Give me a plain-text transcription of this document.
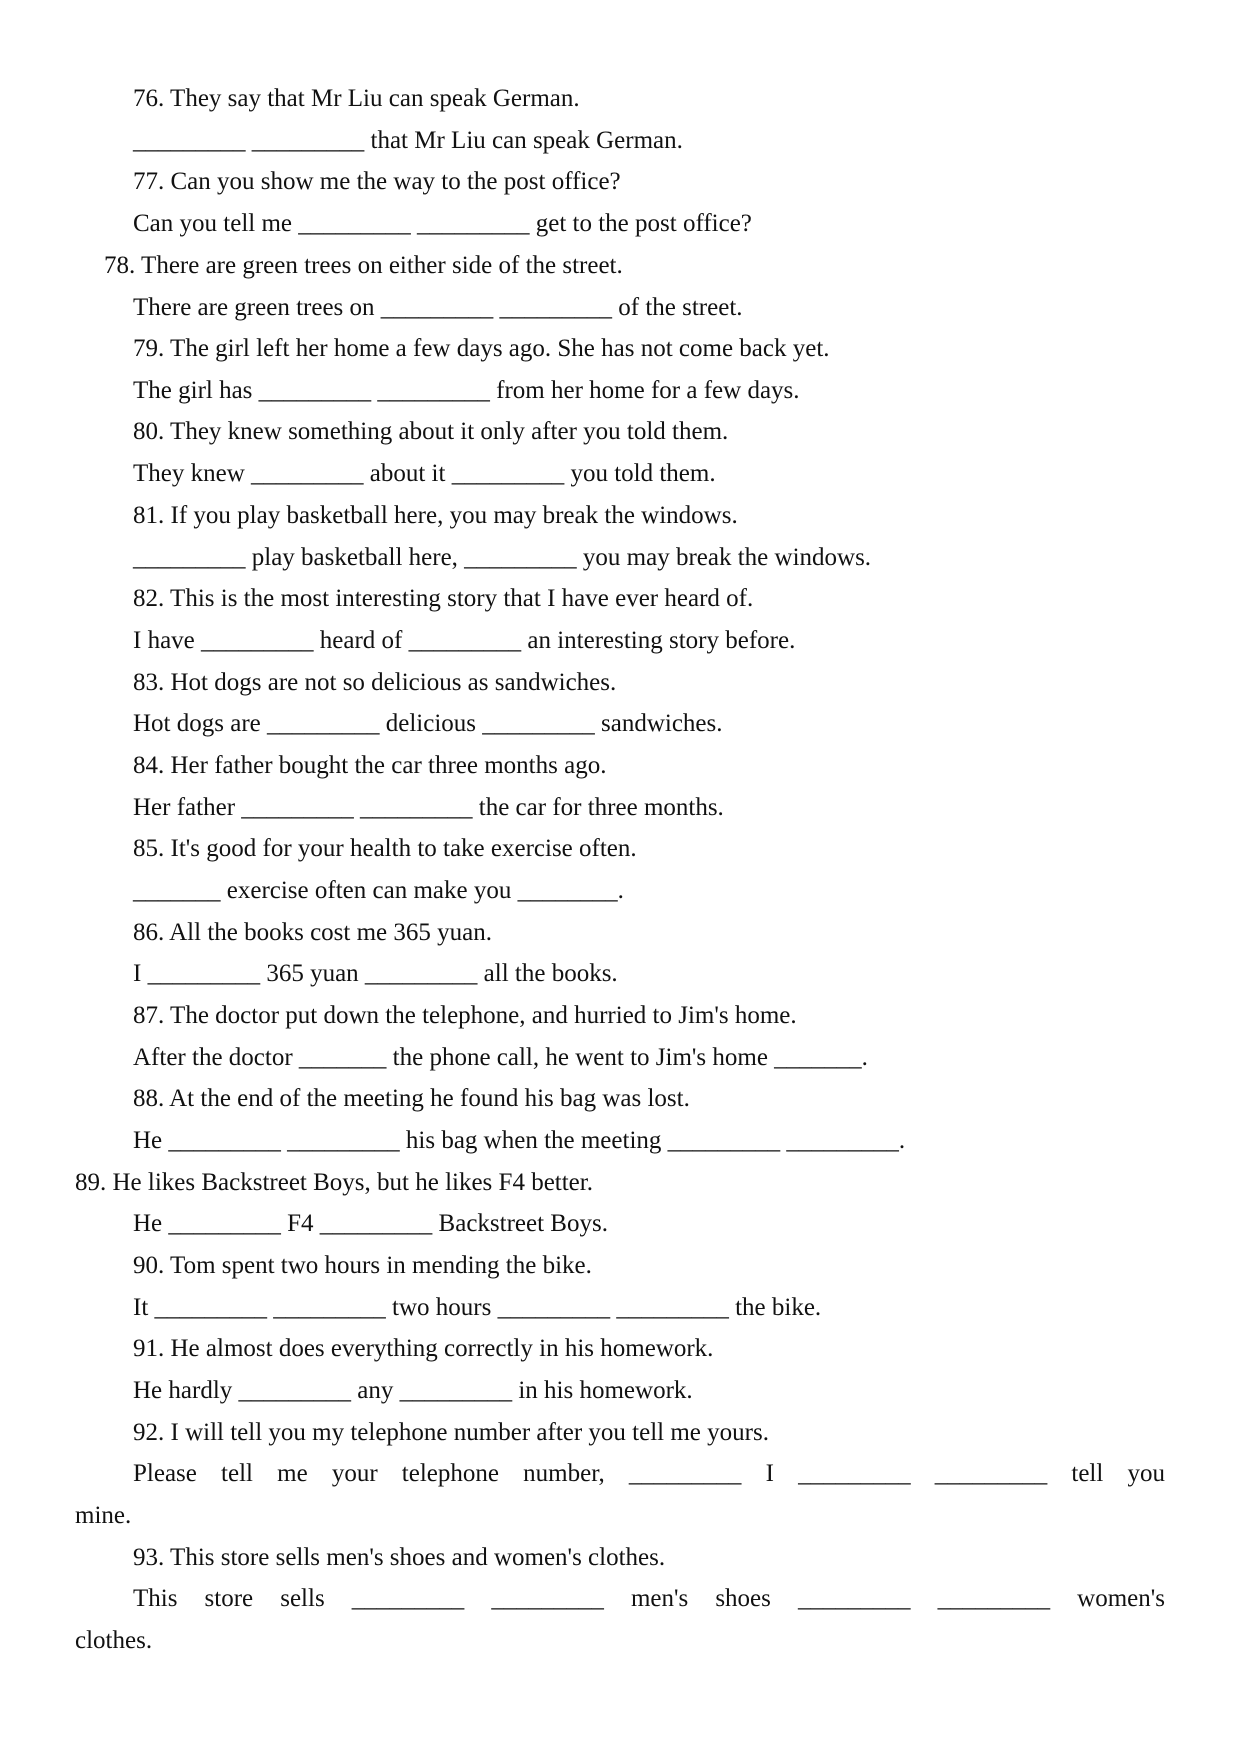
76. They say that Mr Liu can speak German.

_________ _________ that Mr Liu can speak German.

77. Can you show me the way to the post office?

Can you tell me _________ _________ get to the post office?

78. There are green trees on either side of the street.

There are green trees on _________ _________ of the street.

79. The girl left her home a few days ago. She has not come back yet.

The girl has _________ _________ from her home for a few days.

80. They knew something about it only after you told them.

They knew _________ about it _________ you told them.

81. If you play basketball here, you may break the windows.

_________ play basketball here, _________ you may break the windows.

82. This is the most interesting story that I have ever heard of.

I have _________ heard of _________ an interesting story before.

83. Hot dogs are not so delicious as sandwiches.

Hot dogs are _________ delicious _________ sandwiches.

84. Her father bought the car three months ago.

Her father _________ _________ the car for three months.

85. It's good for your health to take exercise often.

_______ exercise often can make you ________.

86. All the books cost me 365 yuan.

I _________ 365 yuan _________ all the books.

87. The doctor put down the telephone, and hurried to Jim's home.

After the doctor _______ the phone call, he went to Jim's home _______.

88. At the end of the meeting he found his bag was lost.

He _________ _________ his bag when the meeting _________ _________.

89. He likes Backstreet Boys, but he likes F4 better.

He _________ F4 _________ Backstreet Boys.

90. Tom spent two hours in mending the bike.

It _________ _________ two hours _________ _________ the bike.

91. He almost does everything correctly in his homework.

He hardly _________ any _________ in his homework.

92. I will tell you my telephone number after you tell me yours.

Please tell me your telephone number, _________ I _________ _________ tell you

mine.

93. This store sells men's shoes and women's clothes.

This store sells _________ _________ men's shoes _________ _________ women's

clothes.
